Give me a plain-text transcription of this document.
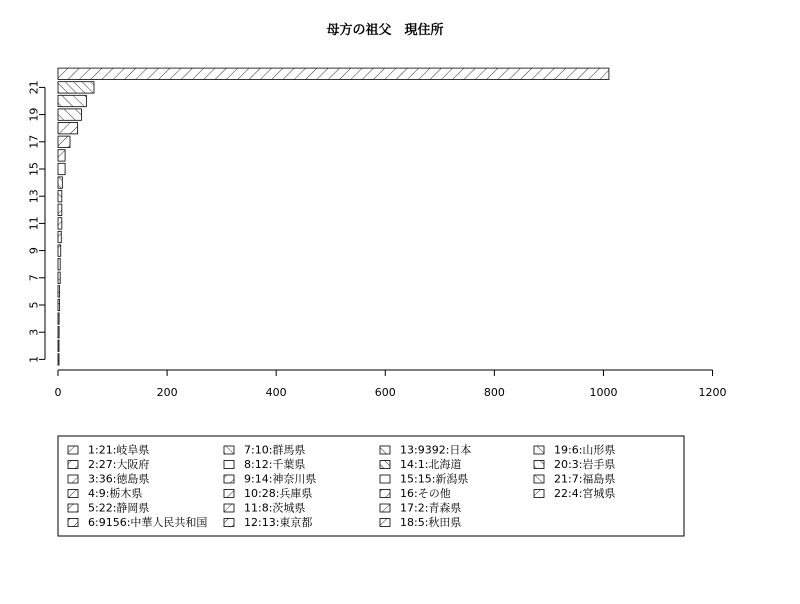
母方の祖父　現住所
0	200	400	600	800	1000	1200
1
3
5
7
9
11
13
15
17
19
21
1:21:岐阜県
2:27:大阪府
3:36:徳島県
4:9:栃木県
5:22:静岡県
6:9156:中華人民共和国
7:10:群馬県
8:12:千葉県
9:14:神奈川県
10:28:兵庫県
11:8:茨城県
12:13:東京都
13:9392:日本
14:1:北海道
15:15:新潟県
16:その他
17:2:青森県
18:5:秋田県
19:6:山形県
20:3:岩手県
21:7:福島県
22:4:宮城県
